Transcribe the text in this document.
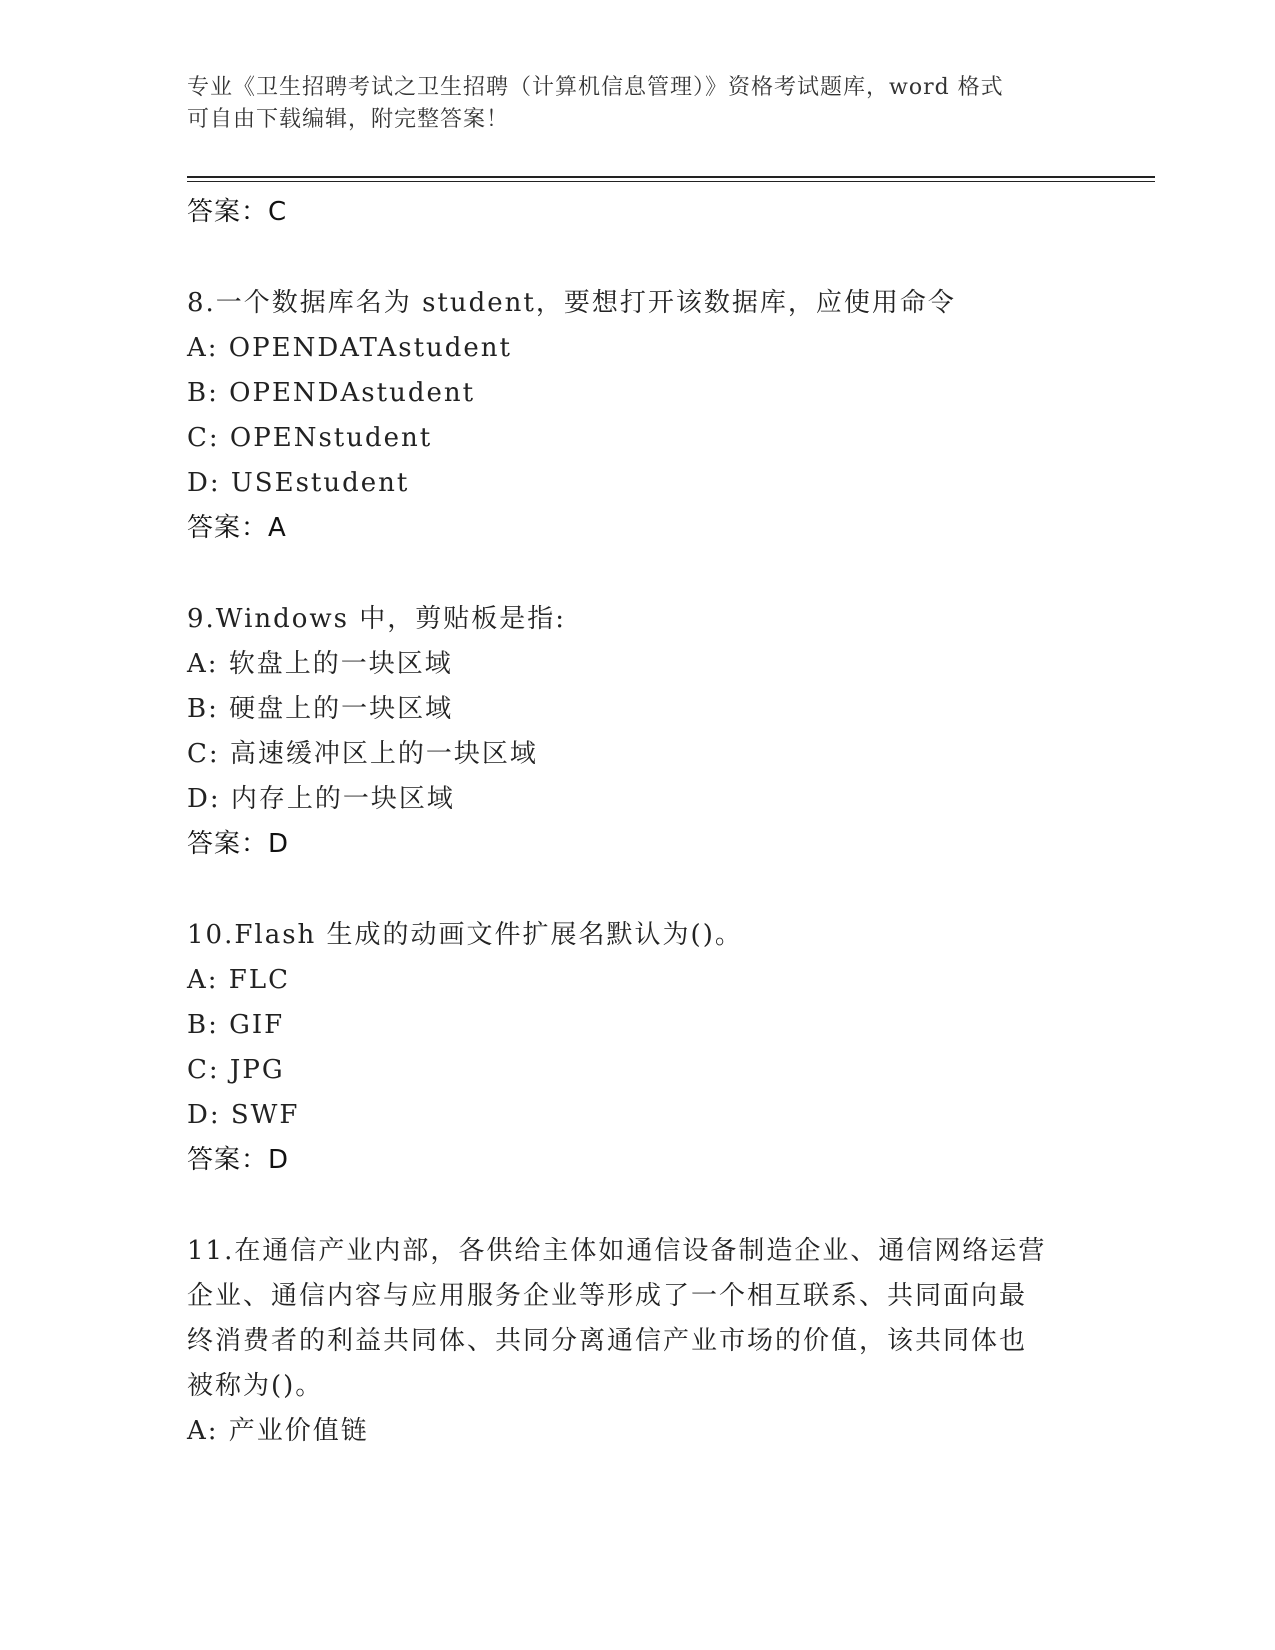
专业《卫生招聘考试之卫生招聘（计算机信息管理）》资格考试题库，word 格式
可自由下载编辑，附完整答案！
答案：C
8.一个数据库名为 student，要想打开该数据库，应使用命令
A: OPENDATAstudent
B: OPENDAstudent
C: OPENstudent
D: USEstudent
答案：A
9.Windows 中，剪贴板是指:
A: 软盘上的一块区域
B: 硬盘上的一块区域
C: 高速缓冲区上的一块区域
D: 内存上的一块区域
答案：D
10.Flash 生成的动画文件扩展名默认为()。
A: FLC
B: GIF
C: JPG
D: SWF
答案：D
11.在通信产业内部，各供给主体如通信设备制造企业、通信网络运营
企业、通信内容与应用服务企业等形成了一个相互联系、共同面向最
终消费者的利益共同体、共同分离通信产业市场的价值，该共同体也
被称为()。
A: 产业价值链
